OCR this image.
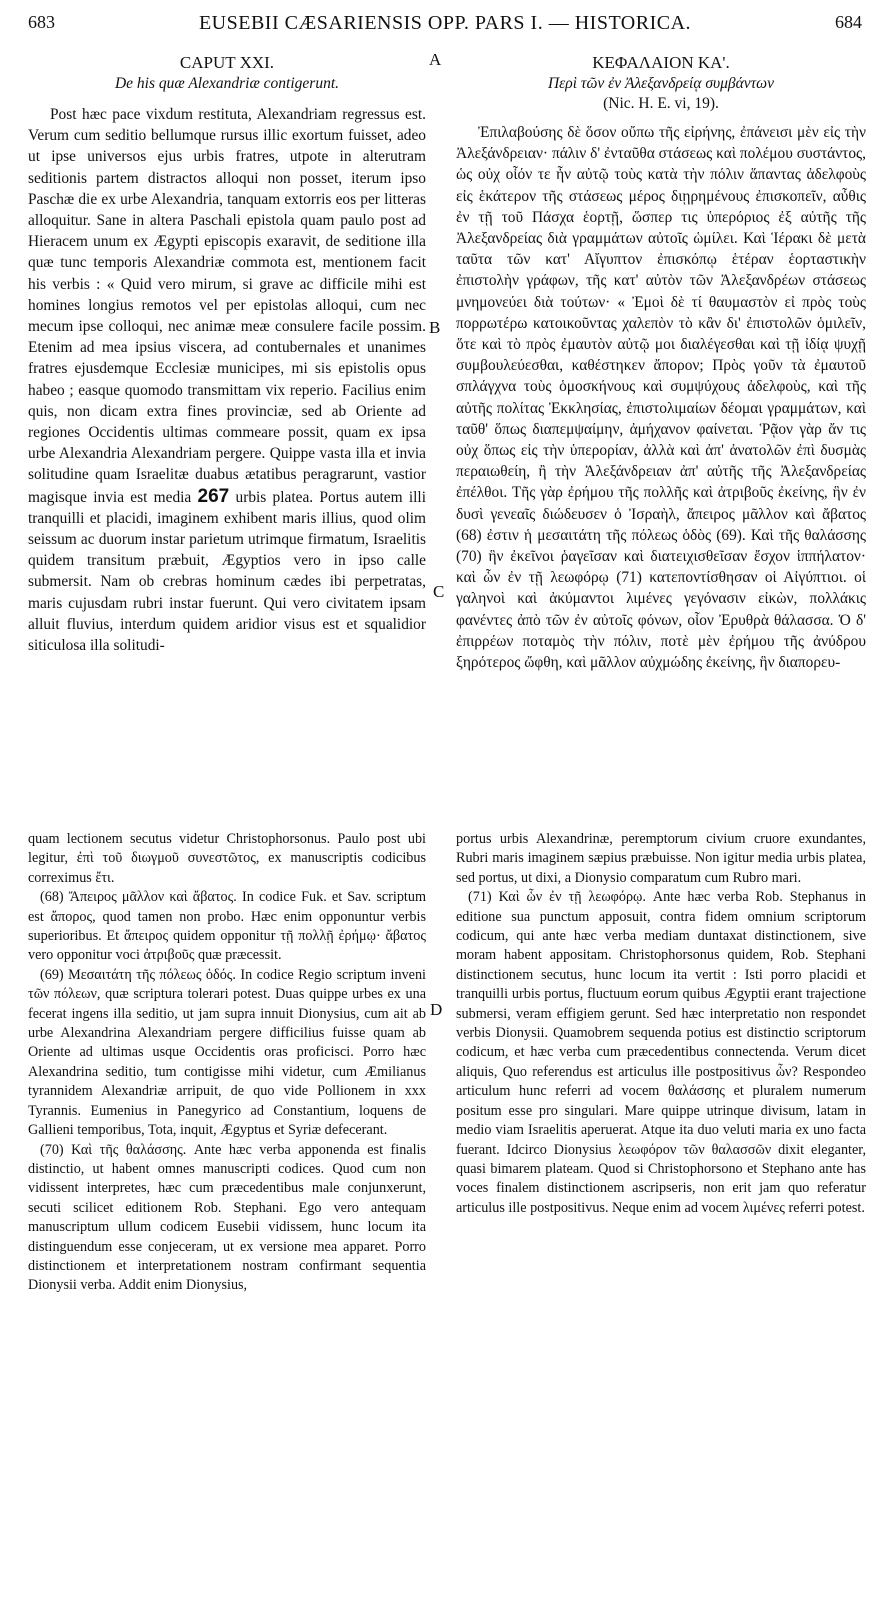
683	EUSEBII CÆSARIENSIS OPP. PARS I. — HISTORICA.	684
A
B
C
D

CAPUT XXI.

De his quæ Alexandriæ contigerunt.

Post hæc pace vixdum restituta, Alexandriam regressus est. Verum cum seditio bellumque rursus illic exortum fuisset, adeo ut ipse universos ejus urbis fratres, utpote in alterutram seditionis partem distractos alloqui non posset, iterum ipso Paschæ die ex urbe Alexandria, tanquam extorris eos per litteras alloquitur. Sane in altera Paschali epistola quam paulo post ad Hieracem unum ex Ægypti episcopis exaravit, de seditione illa quæ tunc temporis Alexandriæ commota est, mentionem facit his verbis : « Quid vero mirum, si grave ac difficile mihi est homines longius remotos vel per epistolas alloqui, cum nec mecum ipse colloqui, nec animæ meæ consulere facile possim. Etenim ad mea ipsius viscera, ad contubernales et unanimes fratres ejusdemque Ecclesiæ municipes, mi sis epistolis opus habeo ; easque quomodo transmittam vix reperio. Facilius enim quis, non dicam extra fines provinciæ, sed ab Oriente ad regiones Occidentis ultimas commeare possit, quam ex ipsa urbe Alexandria Alexandriam pergere. Quippe vasta illa et invia solitudine quam Israelitæ duabus ætatibus peragrarunt, vastior magisque invia est media 267 urbis platea. Portus autem illi tranquilli et placidi, imaginem exhibent maris illius, quod olim seissum ac duorum instar parietum utrimque firmatum, Israelitis quidem transitum præbuit, Ægyptios vero in ipso calle submersit. Nam ob crebras hominum cædes ibi perpetratas, maris cujusdam rubri instar fuerunt. Qui vero civitatem ipsam alluit fluvius, interdum quidem aridior visus est et squalidior siticulosa illa solitudi-

ΚΕΦΑΛΑΙΟΝ ΚΑ'.

Περὶ τῶν ἐν Ἀλεξανδρείᾳ συμβάντων

(Nic. H. E. vi, 19).

Ἐπιλαβούσης δὲ ὅσον οὔπω τῆς εἰρήνης, ἐπάνεισι μὲν εἰς τὴν Ἀλεξάνδρειαν· πάλιν δ' ἐνταῦθα στάσεως καὶ πολέμου συστάντος, ὡς οὐχ οἷόν τε ἦν αὐτῷ τοὺς κατὰ τὴν πόλιν ἅπαντας ἀδελφοὺς εἰς ἑκάτερον τῆς στάσεως μέρος διῃρημένους ἐπισκοπεῖν, αὖθις ἐν τῇ τοῦ Πάσχα ἑορτῇ, ὥσπερ τις ὑπερόριος ἐξ αὐτῆς τῆς Ἀλεξανδρείας διὰ γραμμάτων αὐτοῖς ὡμίλει. Καὶ Ἱέρακι δὲ μετὰ ταῦτα τῶν κατ' Αἴγυπτον ἐπισκόπῳ ἑτέραν ἑορταστικὴν ἐπιστολὴν γράφων, τῆς κατ' αὐτὸν τῶν Ἀλεξανδρέων στάσεως μνημονεύει διὰ τούτων· « Ἐμοὶ δὲ τί θαυμαστὸν εἰ πρὸς τοὺς πορρωτέρω κατοικοῦντας χαλεπὸν τὸ κἂν δι' ἐπιστολῶν ὁμιλεῖν, ὅτε καὶ τὸ πρὸς ἐμαυτὸν αὐτῷ μοι διαλέγεσθαι καὶ τῇ ἰδίᾳ ψυχῇ συμβουλεύεσθαι, καθέστηκεν ἄπορον; Πρὸς γοῦν τὰ ἐμαυτοῦ σπλάγχνα τοὺς ὁμοσκήνους καὶ συμψύχους ἀδελφοὺς, καὶ τῆς αὐτῆς πολίτας Ἐκκλησίας, ἐπιστολιμαίων δέομαι γραμμάτων, καὶ ταῦθ' ὅπως διαπεμψαίμην, ἀμήχανον φαίνεται. Ῥᾷον γὰρ ἄν τις οὐχ ὅπως εἰς τὴν ὑπερορίαν, ἀλλὰ καὶ ἀπ' ἀνατολῶν ἐπὶ δυσμὰς περαιωθείη, ἢ τὴν Ἀλεξάνδρειαν ἀπ' αὐτῆς τῆς Ἀλεξανδρείας ἐπέλθοι. Τῆς γὰρ ἐρήμου τῆς πολλῆς καὶ ἀτριβοῦς ἐκείνης, ἣν ἐν δυσὶ γενεαῖς διώδευσεν ὁ Ἰσραὴλ, ἄπειρος μᾶλλον καὶ ἄβατος (68) ἐστιν ἡ μεσαιτάτη τῆς πόλεως ὁδὸς (69). Καὶ τῆς θαλάσσης (70) ἣν ἐκεῖνοι ῥαγεῖσαν καὶ διατειχισθεῖσαν ἔσχον ἱππήλατον· καὶ ὧν ἐν τῇ λεωφόρῳ (71) κατεποντίσθησαν οἱ Αἰγύπτιοι. οἱ γαληνοὶ καὶ ἀκύμαντοι λιμένες γεγόνασιν εἰκὼν, πολλάκις φανέντες ἀπὸ τῶν ἐν αὐτοῖς φόνων, οἷον Ἐρυθρὰ θάλασσα. Ὁ δ' ἐπιρρέων ποταμὸς τὴν πόλιν, ποτὲ μὲν ἐρήμου τῆς ἀνύδρου ξηρότερος ὤφθη, καὶ μᾶλλον αὐχμώδης ἐκείνης, ἣν διαπορευ-

quam lectionem secutus videtur Christophorsonus. Paulo post ubi legitur, ἐπὶ τοῦ διωγμοῦ συνεστῶτος, ex manuscriptis codicibus correximus ἔτι.

(68) Ἄπειρος μᾶλλον καὶ ἄβατος. In codice Fuk. et Sav. scriptum est ἄπορος, quod tamen non probo. Hæc enim opponuntur verbis superioribus. Et ἄπειρος quidem opponitur τῇ πολλῇ ἐρήμῳ· ἄβατος vero opponitur voci ἀτριβοῦς quæ præcessit.

(69) Μεσαιτάτη τῆς πόλεως ὁδός. In codice Regio scriptum inveni τῶν πόλεων, quæ scriptura tolerari potest. Duas quippe urbes ex una fecerat ingens illa seditio, ut jam supra innuit Dionysius, cum ait ab urbe Alexandrina Alexandriam pergere difficilius fuisse quam ab Oriente ad ultimas usque Occidentis oras proficisci. Porro hæc Alexandrina seditio, tum contigisse mihi videtur, cum Æmilianus tyrannidem Alexandriæ arripuit, de quo vide Pollionem in xxx Tyrannis. Eumenius in Panegyrico ad Constantium, loquens de Gallieni temporibus, Tota, inquit, Ægyptus et Syriæ defecerant.

(70) Καὶ τῆς θαλάσσης. Ante hæc verba apponenda est finalis distinctio, ut habent omnes manuscripti codices. Quod cum non vidissent interpretes, hæc cum præcedentibus male conjunxerunt, secuti scilicet editionem Rob. Stephani. Ego vero antequam manuscriptum ullum codicem Eusebii vidissem, hunc locum ita distinguendum esse conjeceram, ut ex versione mea apparet. Porro distinctionem et interpretationem nostram confirmant sequentia Dionysii verba. Addit enim Dionysius,

portus urbis Alexandrinæ, peremptorum civium cruore exundantes, Rubri maris imaginem sæpius præbuisse. Non igitur media urbis platea, sed portus, ut dixi, a Dionysio comparatum cum Rubro mari.

(71) Καὶ ὧν ἐν τῇ λεωφόρῳ. Ante hæc verba Rob. Stephanus in editione sua punctum apposuit, contra fidem omnium scriptorum codicum, qui ante hæc verba mediam duntaxat distinctionem, sive moram habent appositam. Christophorsonus quidem, Rob. Stephani distinctionem secutus, hunc locum ita vertit : Isti porro placidi et tranquilli urbis portus, fluctuum eorum quibus Ægyptii erant trajectione submersi, veram effigiem gerunt. Sed hæc interpretatio non respondet verbis Dionysii. Quamobrem sequenda potius est distinctio scriptorum codicum, et hæc verba cum præcedentibus connectenda. Verum dicet aliquis, Quo referendus est articulus ille postpositivus ὧν? Respondeo articulum hunc referri ad vocem θαλάσσης et pluralem numerum positum esse pro singulari. Mare quippe utrinque divisum, latam in medio viam Israelitis aperuerat. Atque ita duo veluti maria ex uno facta fuerant. Idcirco Dionysius λεωφόρον τῶν θαλασσῶν dixit eleganter, quasi bimarem plateam. Quod si Christophorsono et Stephano ante has voces finalem distinctionem ascripseris, non erit jam quo referatur articulus ille postpositivus. Neque enim ad vocem λιμένες referri potest.
